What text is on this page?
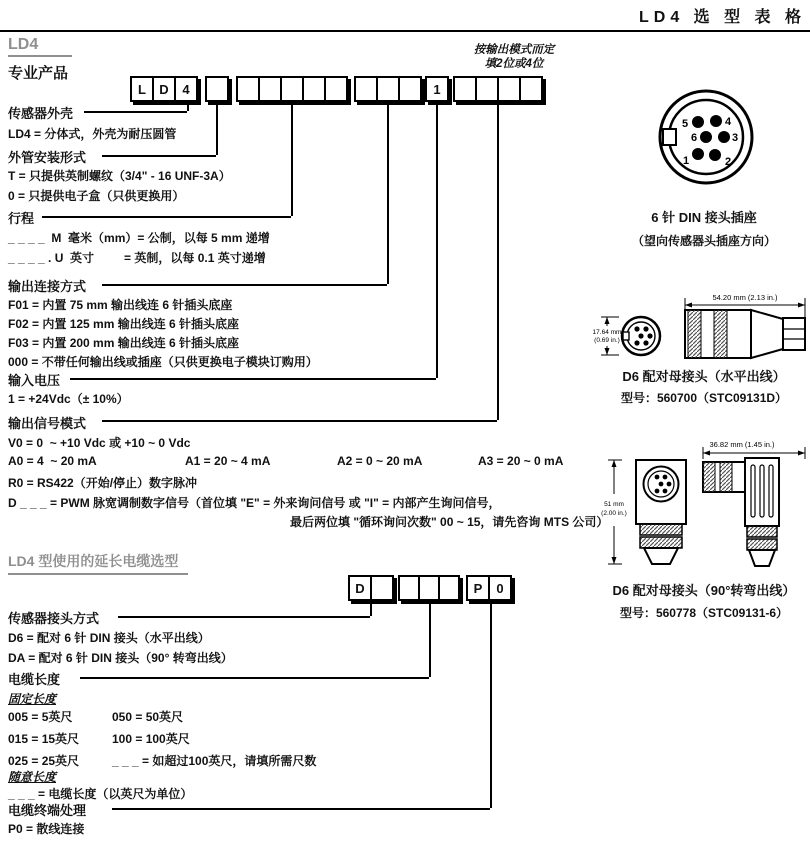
LD4 选 型 表 格
LD4
专业产品
按输出模式而定
填2位或4位
L	D	4	1
传感器外壳
LD4 = 分体式，外壳为耐压圆管
外管安装形式
T = 只提供英制螺纹（3/4" - 16 UNF-3A）
0 = 只提供电子盒（只供更换用）
行程
_ _ _ _  M  毫米（mm）= 公制，以每 5 mm 递增
_ _ _ _ . U  英寸         = 英制，以每 0.1 英寸递增
输出连接方式
F01 = 内置 75 mm 输出线连 6 针插头底座
F02 = 内置 125 mm 输出线连 6 针插头底座
F03 = 内置 200 mm 输出线连 6 针插头底座
000 = 不带任何输出线或插座（只供更换电子模块订购用）
输入电压
1 = +24Vdc（± 10%）
输出信号模式
V0 = 0  ~ +10 Vdc 或 +10 ~ 0 Vdc
A0 = 4  ~ 20 mA	A1 = 20 ~ 4 mA	A2 = 0 ~ 20 mA	A3 = 20 ~ 0 mA
R0 = RS422（开始/停止）数字脉冲
D _ _ _ = PWM 脉宽调制数字信号（首位填 "E" = 外来询问信号 或 "I" = 内部产生询问信号，
最后两位填 "循环询问次数" 00 ~ 15，请先咨询 MTS 公司）
LD4 型使用的延长电缆选型
D	P	0
传感器接头方式
D6 = 配对 6 针 DIN 接头（水平出线）
DA = 配对 6 针 DIN 接头（90° 转弯出线）
电缆长度
固定长度
005 = 5英尺	050 = 50英尺
015 = 15英尺	100 = 100英尺
025 = 25英尺	_ _ _ = 如超过100英尺，请填所需尺数
随意长度
_ _ _ = 电缆长度（以英尺为单位）
电缆终端处理
P0 = 散线连接
5	4
6	3
1	2
6 针 DIN 接头插座
（望向传感器头插座方向）
54.20 mm (2.13 in.)
17.64 mm
(0.69 in.)
D6 配对母接头（水平出线）
型号：560700（STC09131D）
36.82 mm (1.45 in.)
51 mm
(2.00 in.)
D6 配对母接头（90°转弯出线）
型号：560778（STC09131-6）
